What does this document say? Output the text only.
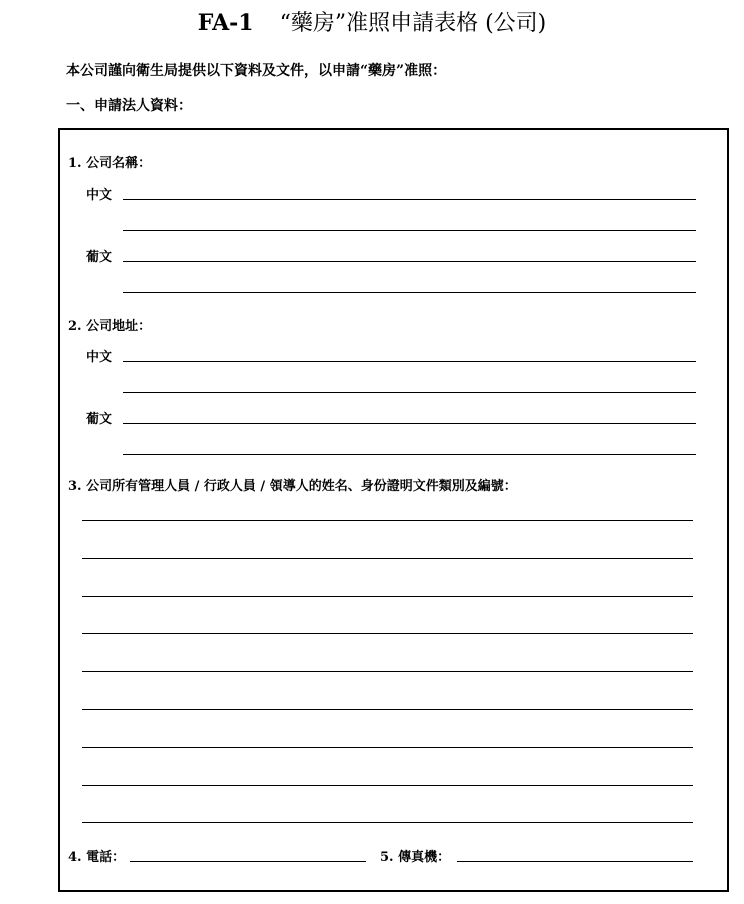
FA-1 “藥房”准照申請表格 (公司)
本公司謹向衛生局提供以下資料及文件，以申請“藥房”准照：
一、申請法人資料：
1. 公司名稱：
中文
葡文
2. 公司地址：
中文
葡文
3. 公司所有管理人員 / 行政人員 / 領導人的姓名、身份證明文件類別及編號：
4. 電話：	5. 傳真機：
